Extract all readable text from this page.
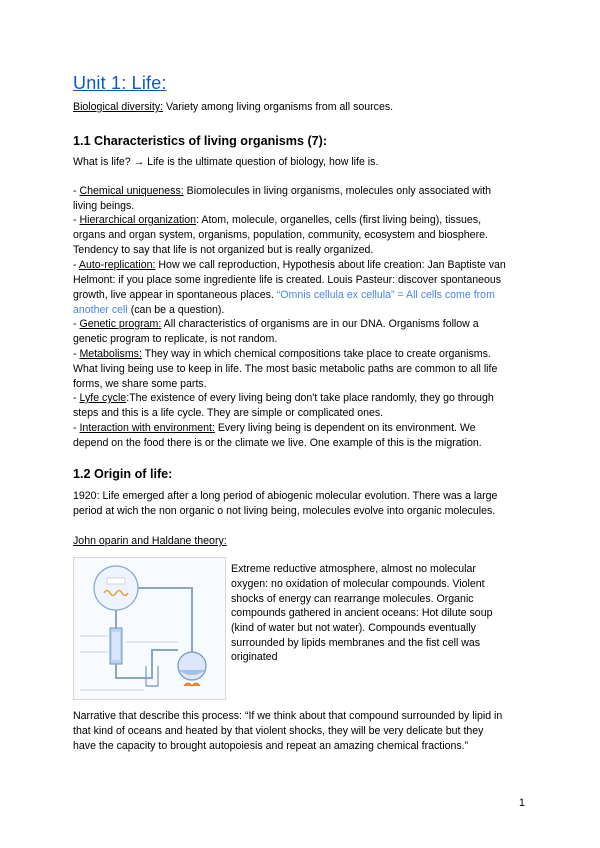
Unit 1: Life:
Biological diversity: Variety among living organisms from all sources.
1.1 Characteristics of living organisms (7):
What is life? → Life is the ultimate question of biology, how life is.
- Chemical uniqueness: Biomolecules in living organisms, molecules only associated with
living beings.
- Hierarchical organization: Atom, molecule, organelles, cells (first living being), tissues,
organs and organ system, organisms, population, community, ecosystem and biosphere.
Tendency to say that life is not organized but is really organized.
- Auto-replication: How we call reproduction, Hypothesis about life creation: Jan Baptiste van
Helmont: if you place some ingrediente life is created. Louis Pasteur: discover spontaneous
growth, live appear in spontaneous places. “Omnis cellula ex cellula” = All cells come from
another cell (can be a question).
- Genetic program: All characteristics of organisms are in our DNA. Organisms follow a
genetic program to replicate, is not random.
- Metabolisms: They way in which chemical compositions take place to create organisms.
What living being use to keep in life. The most basic metabolic paths are common to all life
forms, we share some parts.
- Lyfe cycle:The existence of every living being don't take place randomly, they go through
steps and this is a life cycle. They are simple or complicated ones.
- Interaction with environment: Every living being is dependent on its environment. We
depend on the food there is or the climate we live. One example of this is the migration.
1.2 Origin of life:
1920: Life emerged after a long period of abiogenic molecular evolution. There was a large
period at wich the non organic o not living being, molecules evolve into organic molecules.
John oparin and Haldane theory:
Extreme reductive atmosphere, almost no molecular
oxygen: no oxidation of molecular compounds. Violent
shocks of energy can rearrange molecules. Organic
compounds gathered in ancient oceans: Hot dilute soup
(kind of water but not water). Compounds eventually
surrounded by lipids membranes and the fist cell was
originated
Narrative that describe this process: “If we think about that compound surrounded by lipid in
that kind of oceans and heated by that violent shocks, they will be very delicate but they
have the capacity to brought autopoiesis and repeat an amazing chemical fractions.”
1
